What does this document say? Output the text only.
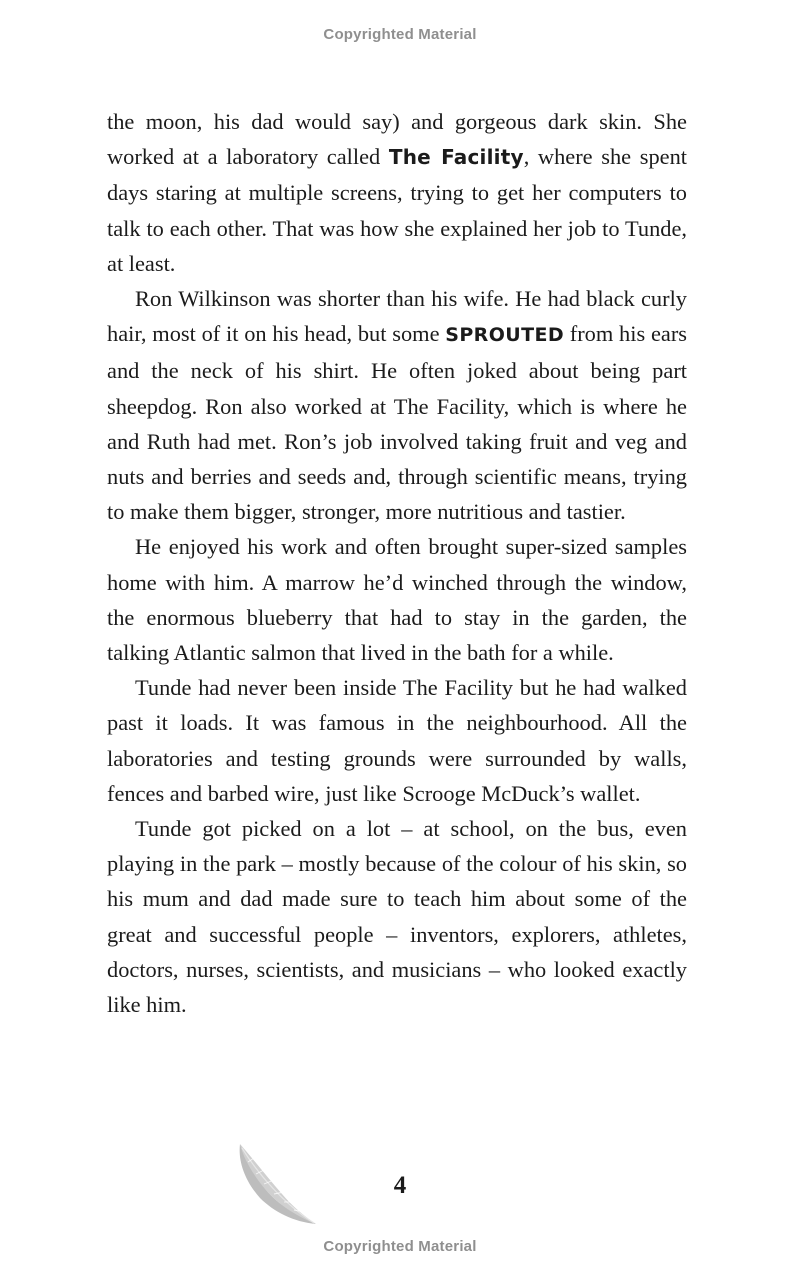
Copyrighted Material

the moon, his dad would say) and gorgeous dark skin. She worked at a laboratory called The Facility, where she spent days staring at multiple screens, trying to get her computers to talk to each other. That was how she explained her job to Tunde, at least.

Ron Wilkinson was shorter than his wife. He had black curly hair, most of it on his head, but some SPROUTED from his ears and the neck of his shirt. He often joked about being part sheepdog. Ron also worked at The Facility, which is where he and Ruth had met. Ron’s job involved taking fruit and veg and nuts and berries and seeds and, through scientific means, trying to make them bigger, stronger, more nutritious and tastier.

He enjoyed his work and often brought super-sized samples home with him. A marrow he’d winched through the window, the enormous blueberry that had to stay in the garden, the talking Atlantic salmon that lived in the bath for a while.

Tunde had never been inside The Facility but he had walked past it loads. It was famous in the neighbourhood. All the laboratories and testing grounds were surrounded by walls, fences and barbed wire, just like Scrooge McDuck’s wallet.

Tunde got picked on a lot – at school, on the bus, even playing in the park – mostly because of the colour of his skin, so his mum and dad made sure to teach him about some of the great and successful people – inventors, explorers, athletes, doctors, nurses, scientists, and musicians – who looked exactly like him.

4
Copyrighted Material
